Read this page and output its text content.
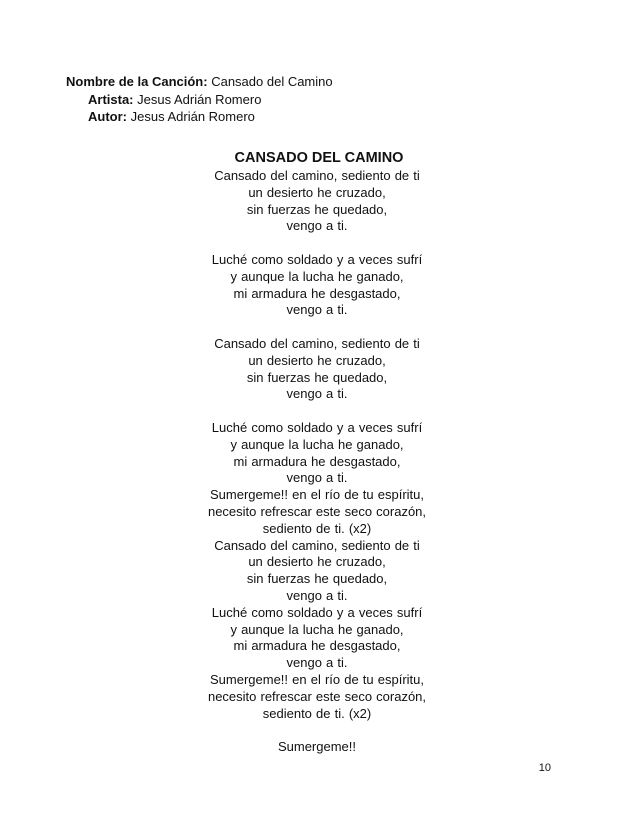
Nombre de la Canción: Cansado del Camino
Artista: Jesus Adrián Romero
Autor: Jesus Adrián Romero
CANSADO DEL CAMINO
Cansado del camino, sediento de ti
un desierto he cruzado,
sin fuerzas he quedado,
vengo a ti.
Luché como soldado y a veces sufrí
y aunque la lucha he ganado,
mi armadura he desgastado,
vengo a ti.
Cansado del camino, sediento de ti
un desierto he cruzado,
sin fuerzas he quedado,
vengo a ti.
Luché como soldado y a veces sufrí
y aunque la lucha he ganado,
mi armadura he desgastado,
vengo a ti.
Sumergeme!! en el río de tu espíritu,
necesito refrescar este seco corazón,
sediento de ti. (x2)
Cansado del camino, sediento de ti
un desierto he cruzado,
sin fuerzas he quedado,
vengo a ti.
Luché como soldado y a veces sufrí
y aunque la lucha he ganado,
mi armadura he desgastado,
vengo a ti.
Sumergeme!! en el río de tu espíritu,
necesito refrescar este seco corazón,
sediento de ti. (x2)
Sumergeme!!
10
